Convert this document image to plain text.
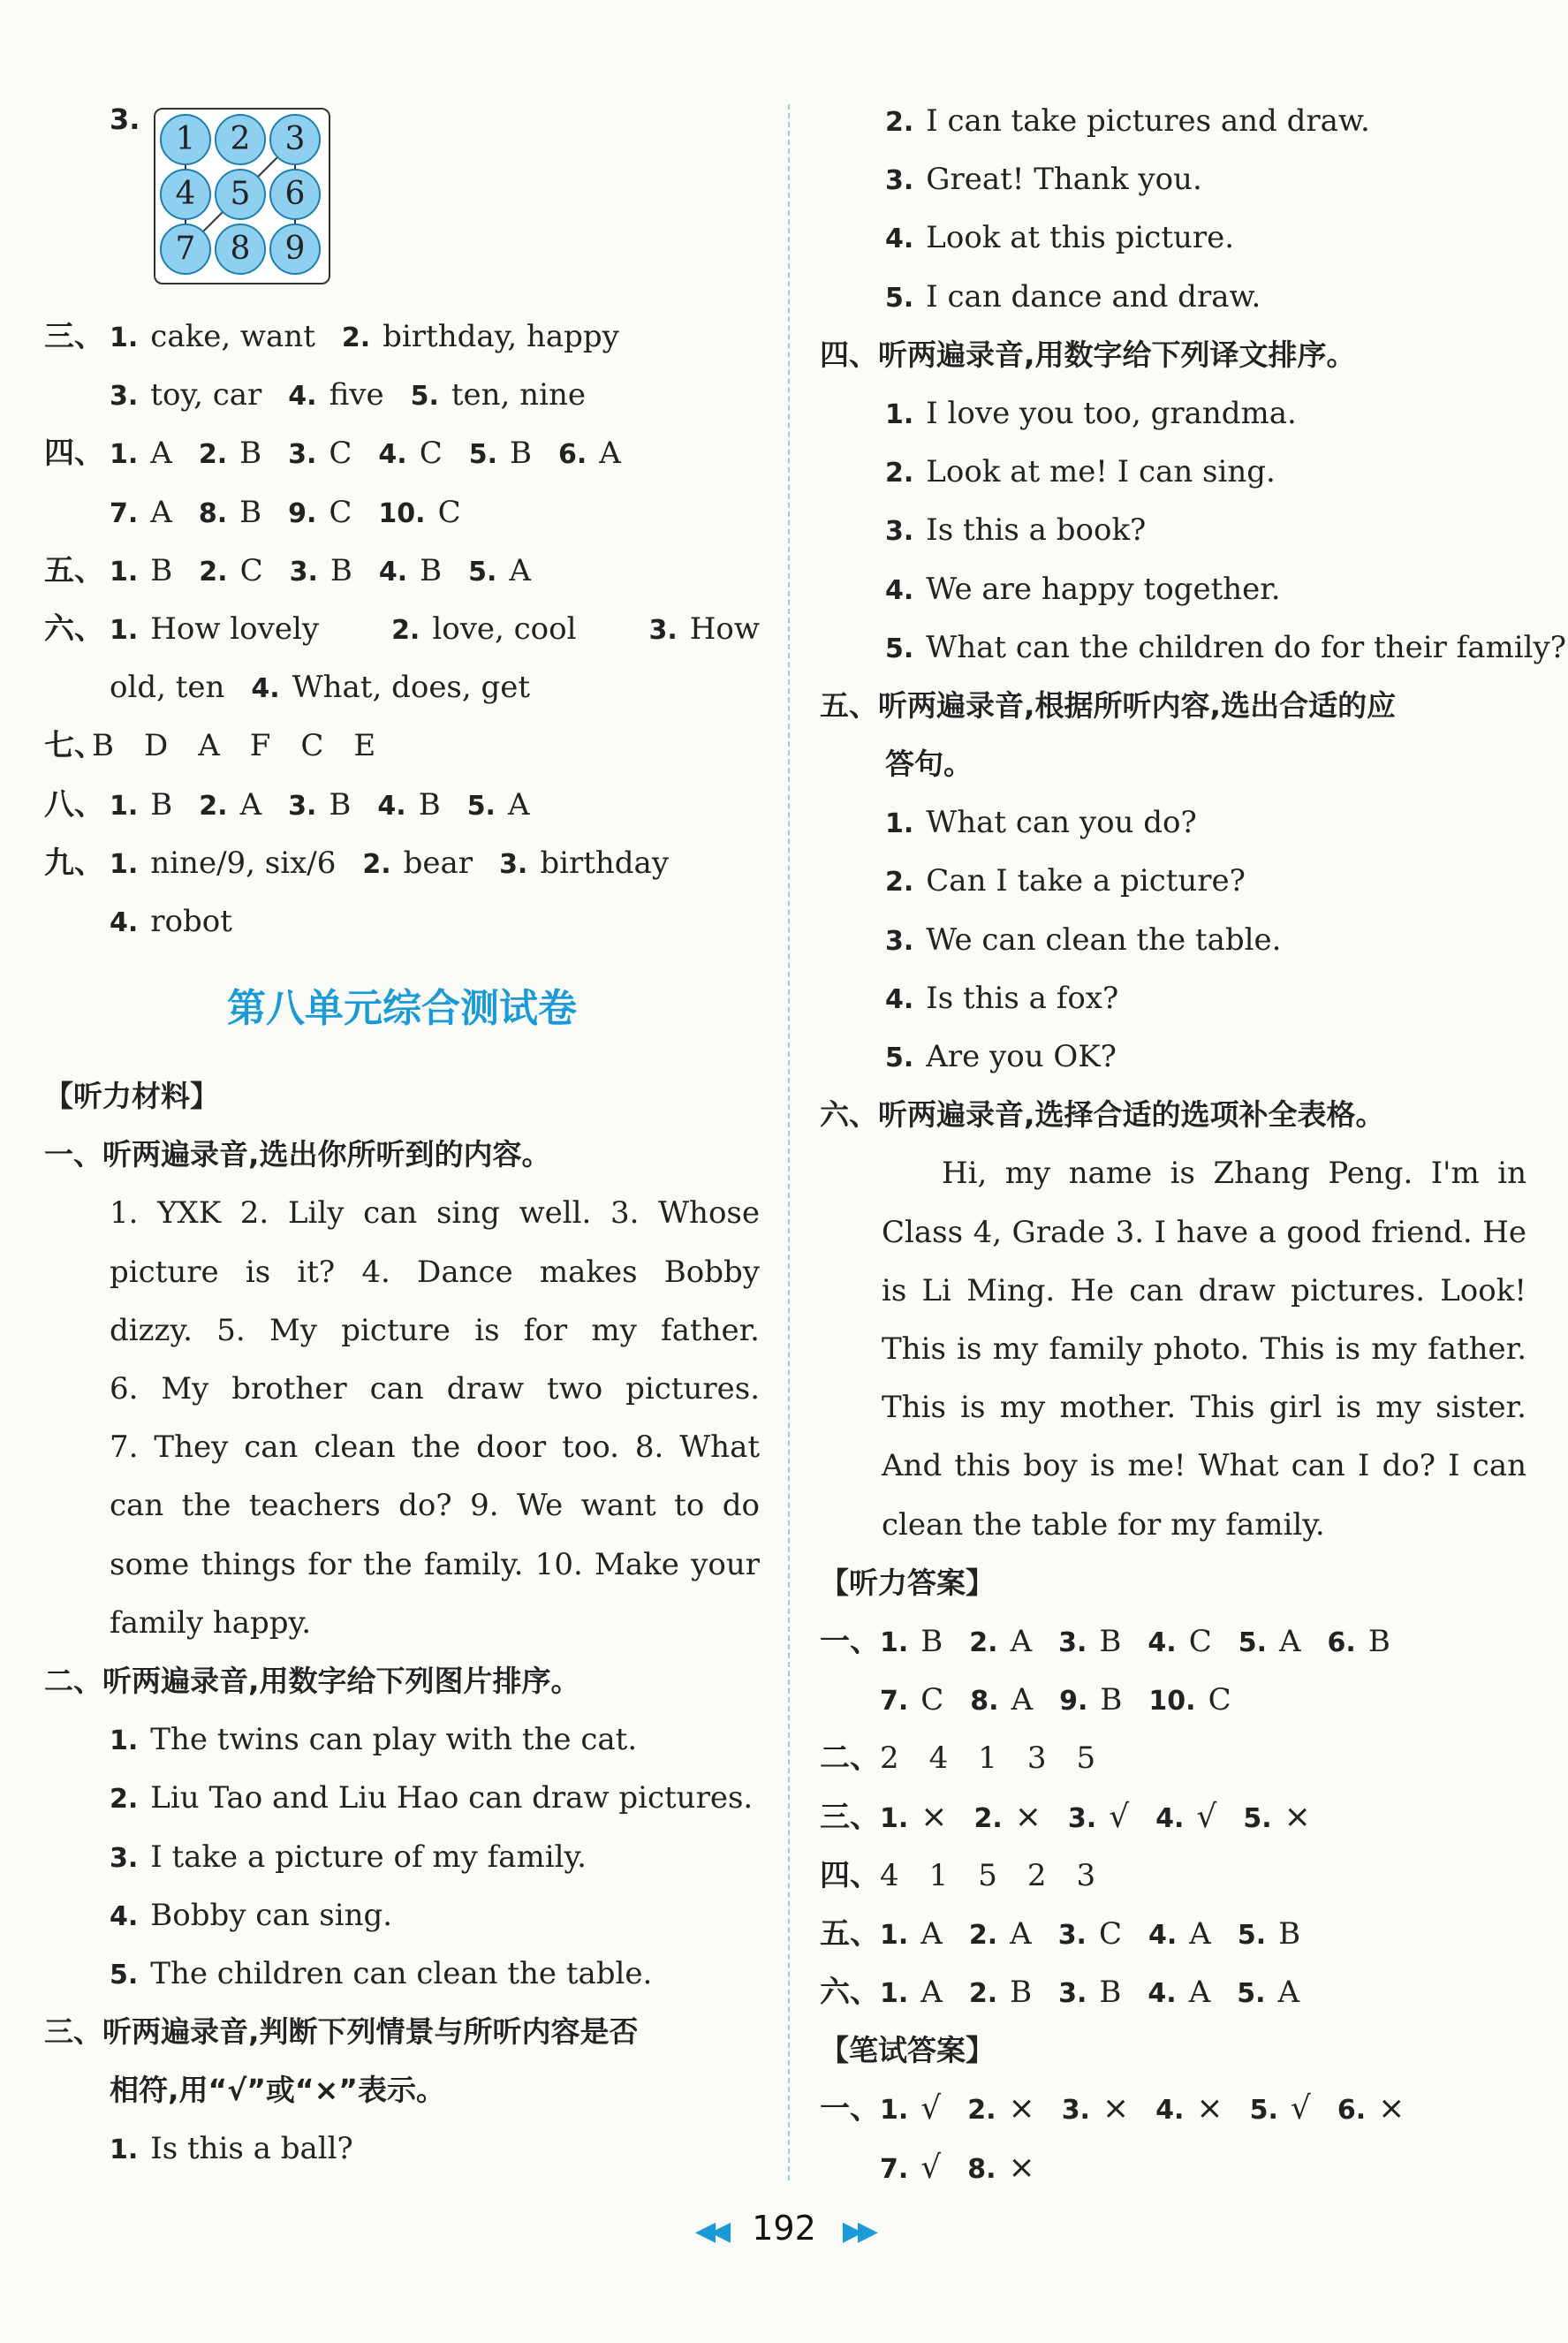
3.
1	2	3
4	5	6
7	8	9
三、 1. cake, want 2. birthday, happy
3. toy, car 4. five 5. ten, nine
四、 1. A 2. B 3. C 4. C 5. B 6. A
7. A 8. B 9. C 10. C
五、 1. B 2. C 3. B 4. B 5. A
六、 1. How lovely	2. love, cool	3. How
old, ten 4. What, does, get
七、B　D　A　F　C　E
八、 1. B 2. A 3. B 4. B 5. A
九、 1. nine/9, six/6 2. bear 3. birthday
4. robot
第八单元综合测试卷
【听力材料】
一、听两遍录音,选出你所听到的内容。
1. YXK 2. Lily can sing well. 3. Whose
picture is it? 4. Dance makes Bobby
dizzy. 5. My picture is for my father.
6. My brother can draw two pictures.
7. They can clean the door too. 8. What
can the teachers do? 9. We want to do
some things for the family. 10. Make your
family happy.
二、听两遍录音,用数字给下列图片排序。
1. The twins can play with the cat.
2. Liu Tao and Liu Hao can draw pictures.
3. I take a picture of my family.
4. Bobby can sing.
5. The children can clean the table.
三、听两遍录音,判断下列情景与所听内容是否
相符,用“√”或“×”表示。
1. Is this a ball?
2. I can take pictures and draw.
3. Great! Thank you.
4. Look at this picture.
5. I can dance and draw.
四、听两遍录音,用数字给下列译文排序。
1. I love you too, grandma.
2. Look at me! I can sing.
3. Is this a book?
4. We are happy together.
5. What can the children do for their family?
五、听两遍录音,根据所听内容,选出合适的应
答句。
1. What can you do?
2. Can I take a picture?
3. We can clean the table.
4. Is this a fox?
5. Are you OK?
六、听两遍录音,选择合适的选项补全表格。
Hi, my name is Zhang Peng. I'm in Class 4, Grade 3. I have a good friend. He is Li Ming. He can draw pictures. Look! This is my family photo. This is my father. This is my mother. This girl is my sister. And this boy is me! What can I do? I can clean the table for my family.
【听力答案】
一、1. B 2. A 3. B 4. C 5. A 6. B
7. C 8. A 9. B 10. C
二、2　4　1　3　5
三、1. × 2. × 3. √ 4. √ 5. ×
四、4　1　5　2　3
五、1. A 2. A 3. C 4. A 5. B
六、1. A 2. B 3. B 4. A 5. A
【笔试答案】
一、1. √ 2. × 3. × 4. × 5. √ 6. ×
7. √ 8. ×
◀◀ 192 ▶▶
